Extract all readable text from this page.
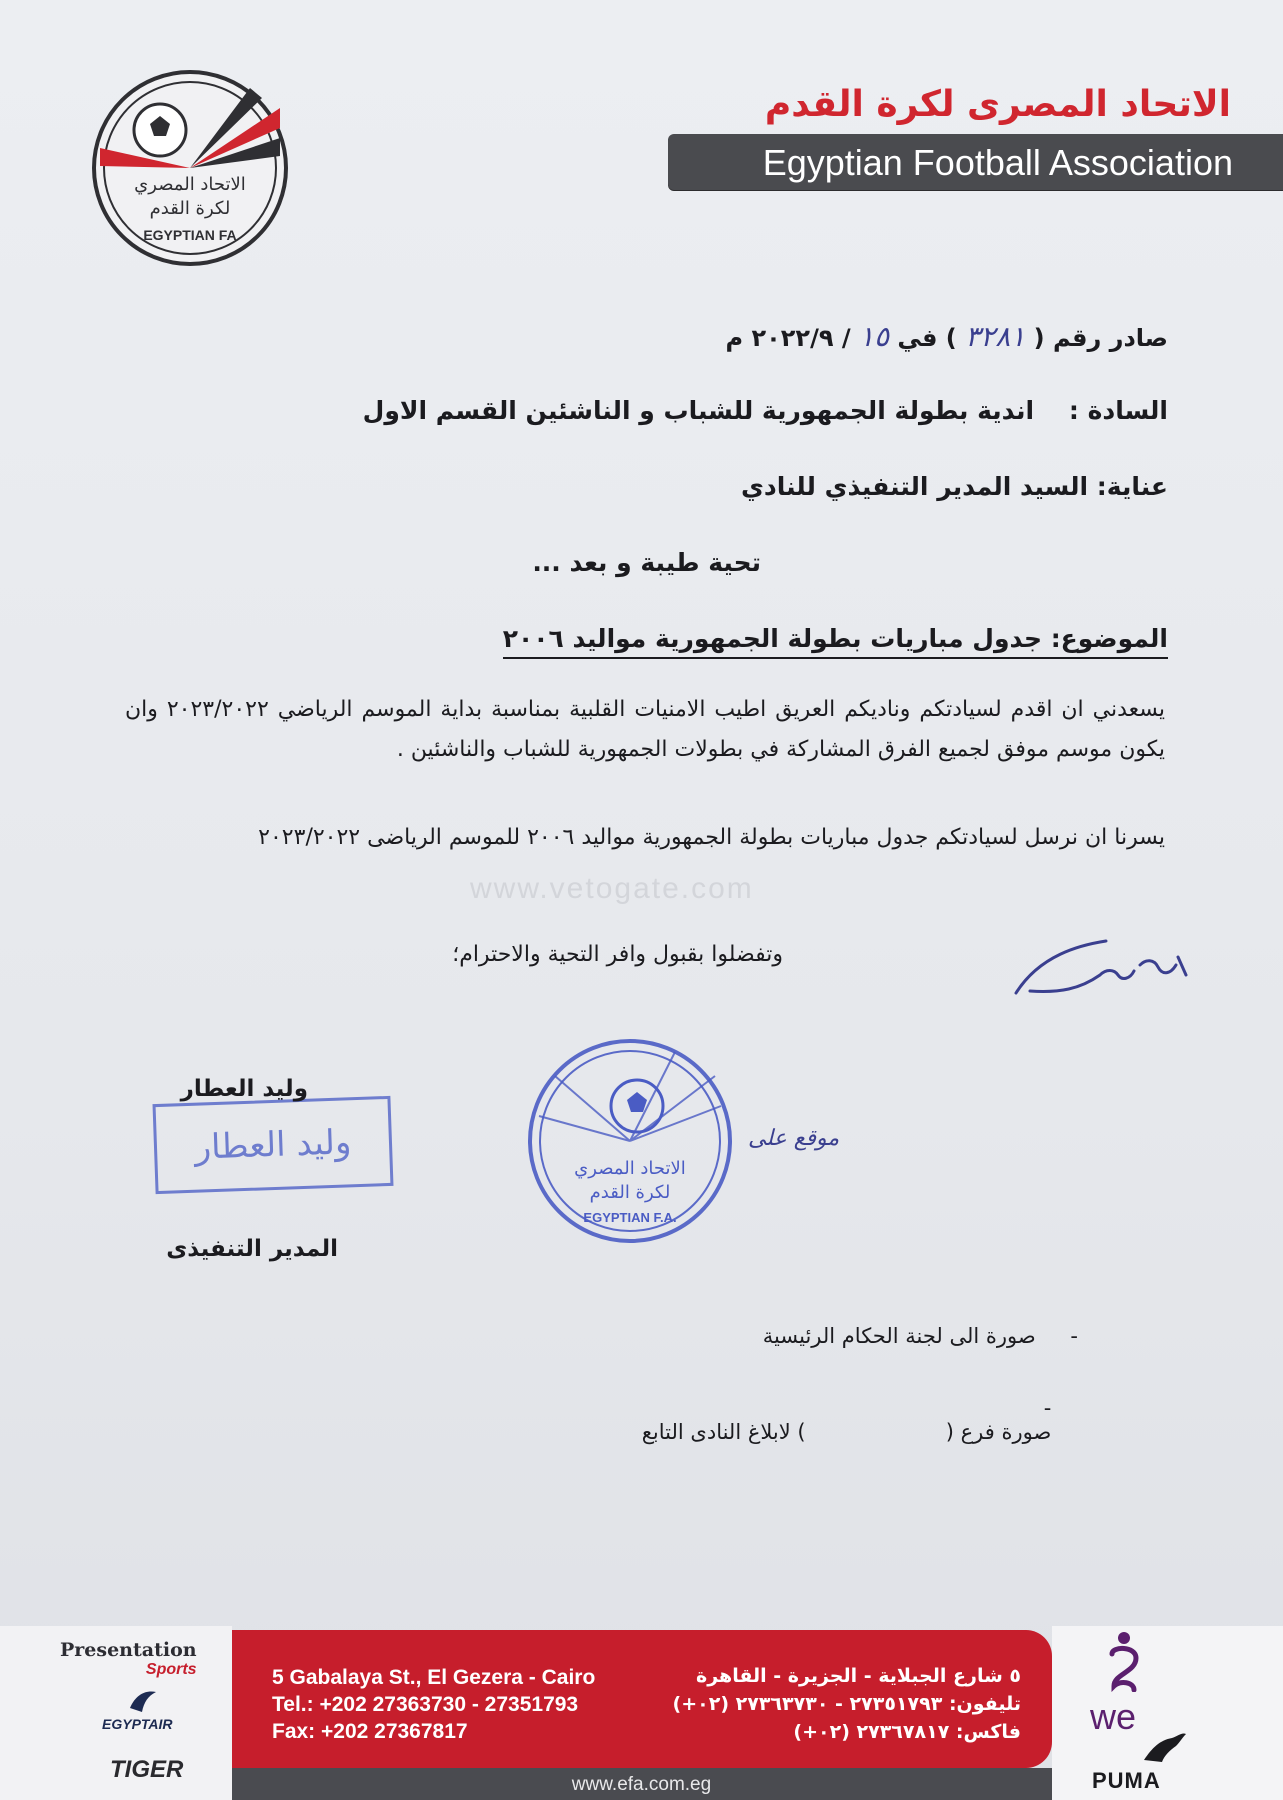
الاتحاد المصري
لكرة القدم
EGYPTIAN FA
الاتحاد المصرى لكرة القدم
Egyptian Football Association
صادر رقم ( ٣٢٨١ ) في ١٥ / ٢٠٢٢/٩ م
السادة :    اندية بطولة الجمهورية للشباب و الناشئين القسم الاول
عناية: السيد المدير التنفيذي للنادي
تحية طيبة و بعد ...
الموضوع: جدول مباريات بطولة الجمهورية مواليد ٢٠٠٦
يسعدني ان اقدم لسيادتكم وناديكم العريق اطيب الامنيات القلبية بمناسبة بداية الموسم الرياضي ٢٠٢٣/٢٠٢٢ وان يكون موسم موفق لجميع الفرق المشاركة في بطولات الجمهورية للشباب والناشئين .
يسرنا ان نرسل لسيادتكم جدول مباريات بطولة الجمهورية مواليد ٢٠٠٦ للموسم الرياضى ٢٠٢٣/٢٠٢٢
www.vetogate.com
وتفضلوا بقبول وافر التحية والاحترام؛
وليد العطار
الاتحاد المصري
لكرة القدم
EGYPTIAN F.A.
موقع على
وليد العطار
المدير التنفيذى
- صورة الى لجنة الحكام الرئيسية

-
صورة فرع (                     ) لابلاغ النادى التابع

Presentation
Sports
EGYPTAIR
TIGER
5 Gabalaya St., El Gezera - Cairo
Tel.: +202 27363730 - 27351793
Fax: +202 27367817
٥ شارع الجبلاية - الجزيرة - القاهرة
تليفون: ٢٧٣٥١٧٩٣ - ٢٧٣٦٣٧٣٠ (٠٢+)
فاكس: ٢٧٣٦٧٨١٧ (٠٢+)
www.efa.com.eg
we
PUMA
